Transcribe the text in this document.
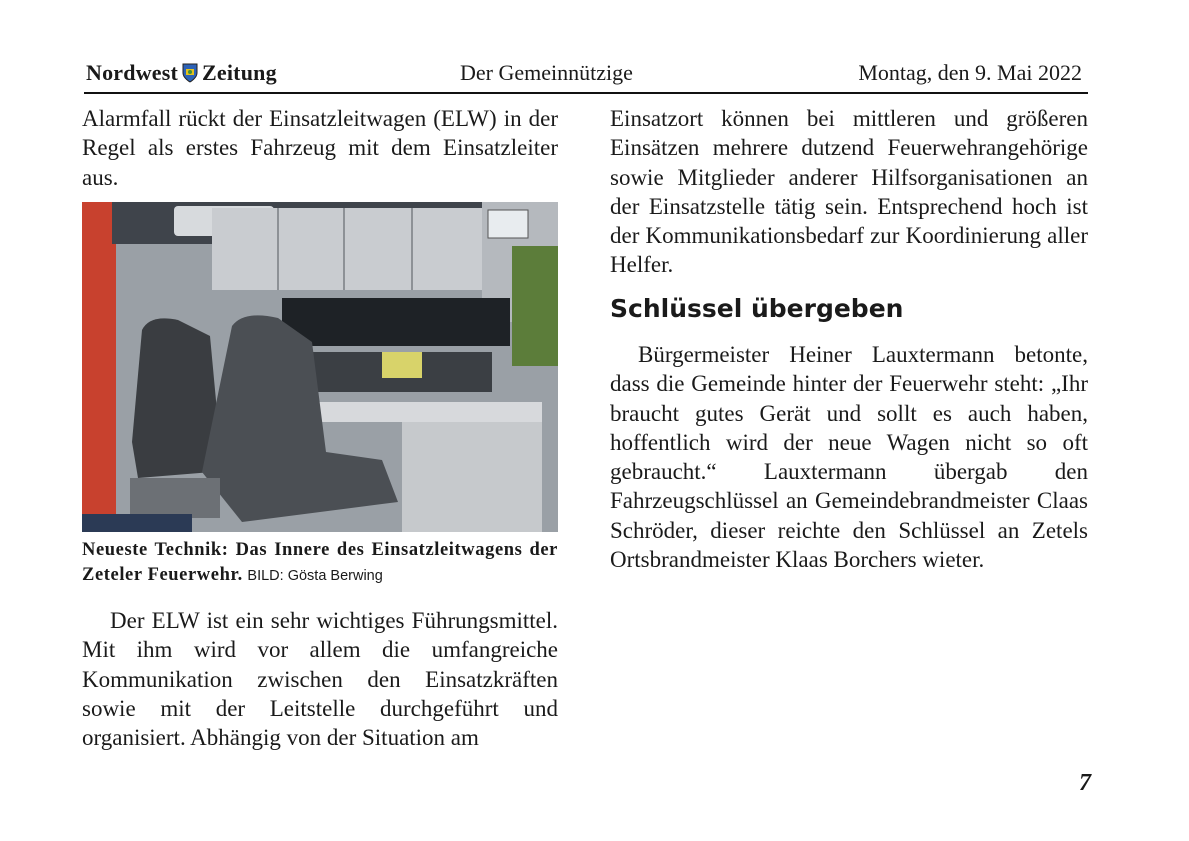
Nordwest Zeitung	Der Gemeinnützige	Montag, den 9. Mai 2022

Alarmfall rückt der Einsatzleitwagen (ELW) in der Regel als erstes Fahrzeug mit dem Einsatzleiter aus.

Neueste Technik: Das Innere des Einsatzleitwagens der Zeteler Feuerwehr. BILD: Gösta Berwing

Der ELW ist ein sehr wichtiges Führungsmittel. Mit ihm wird vor allem die umfangreiche Kommunikation zwischen den Einsatzkräften sowie mit der Leitstelle durchgeführt und organisiert. Abhängig von der Situation am

Einsatzort können bei mittleren und größeren Einsätzen mehrere dutzend Feuerwehrangehörige sowie Mitglieder anderer Hilfsorganisationen an der Einsatzstelle tätig sein. Entsprechend hoch ist der Kommunikationsbedarf zur Koordinierung aller Helfer.

Schlüssel übergeben

Bürgermeister Heiner Lauxtermann betonte, dass die Gemeinde hinter der Feuerwehr steht: „Ihr braucht gutes Gerät und sollt es auch haben, hoffentlich wird der neue Wagen nicht so oft gebraucht.“ Lauxtermann übergab den Fahrzeugschlüssel an Gemeindebrandmeister Claas Schröder, dieser reichte den Schlüssel an Zetels Ortsbrandmeister Klaas Borchers wieter.

7
